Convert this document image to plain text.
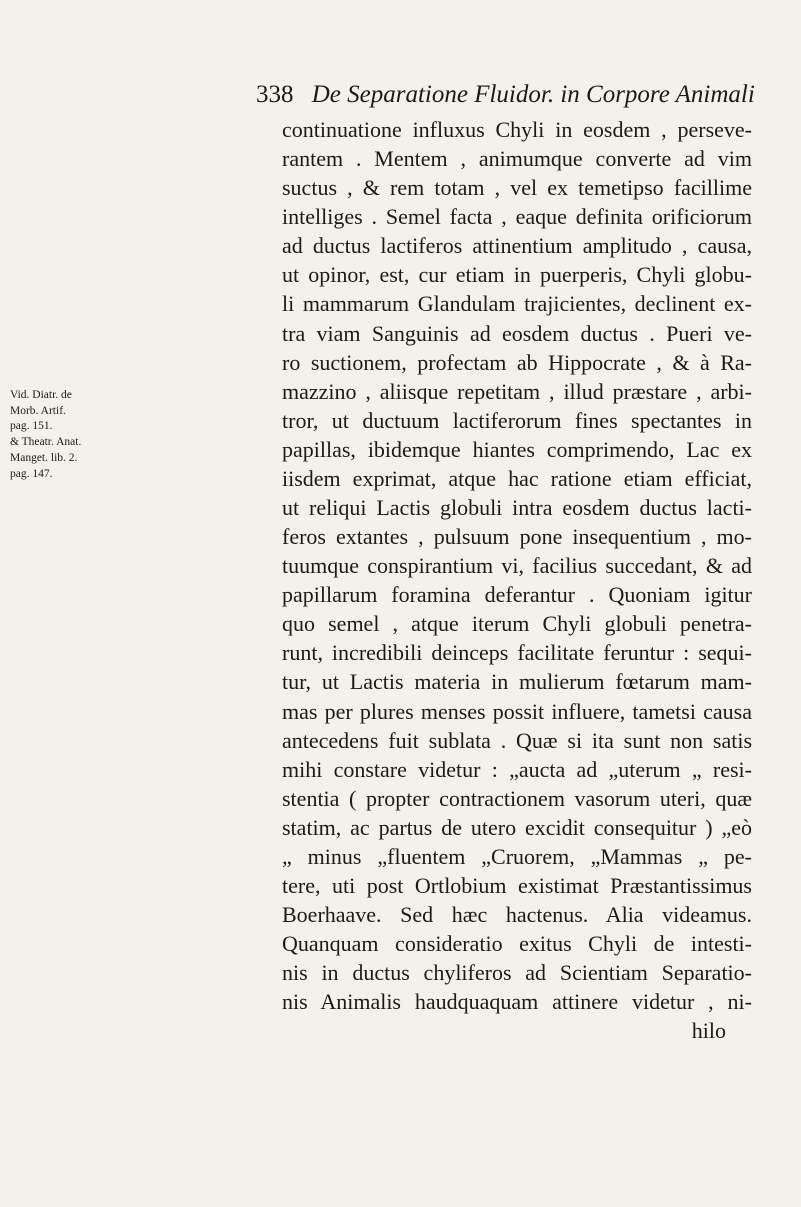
338 De Separatione Fluidor. in Corpore Animali
Vid. Diatr. de
Morb. Artif.
pag. 151.
& Theatr. Anat.
Manget. lib. 2.
pag. 147.
continuatione influxus Chyli in eosdem , perseve-
rantem . Mentem , animumque converte ad vim
suctus , & rem totam , vel ex temetipso facillime
intelliges . Semel facta , eaque definita orificiorum
ad ductus lactiferos attinentium amplitudo , causa,
ut opinor, est, cur etiam in puerperis, Chyli globu-
li mammarum Glandulam trajicientes, declinent ex-
tra viam Sanguinis ad eosdem ductus . Pueri ve-
ro suctionem, profectam ab Hippocrate , & à Ra-
mazzino , aliisque repetitam , illud præstare , arbi-
tror, ut ductuum lactiferorum fines spectantes in
papillas, ibidemque hiantes comprimendo, Lac ex
iisdem exprimat, atque hac ratione etiam efficiat,
ut reliqui Lactis globuli intra eosdem ductus lacti-
feros extantes , pulsuum pone insequentium , mo-
tuumque conspirantium vi, facilius succedant, & ad
papillarum foramina deferantur . Quoniam igitur
quo semel , atque iterum Chyli globuli penetra-
runt, incredibili deinceps facilitate feruntur : sequi-
tur, ut Lactis materia in mulierum fœtarum mam-
mas per plures menses possit influere, tametsi causa
antecedens fuit sublata . Quæ si ita sunt non satis
mihi constare videtur : „aucta ad „uterum „ resi-
stentia ( propter contractionem vasorum uteri, quæ
statim, ac partus de utero excidit consequitur ) „eò
„ minus „fluentem „Cruorem, „Mammas „ pe-
tere, uti post Ortlobium existimat Præstantissimus
Boerhaave. Sed hæc hactenus. Alia videamus.
Quanquam consideratio exitus Chyli de intesti-
nis in ductus chyliferos ad Scientiam Separatio-
nis Animalis haudquaquam attinere videtur , ni-
hilo
